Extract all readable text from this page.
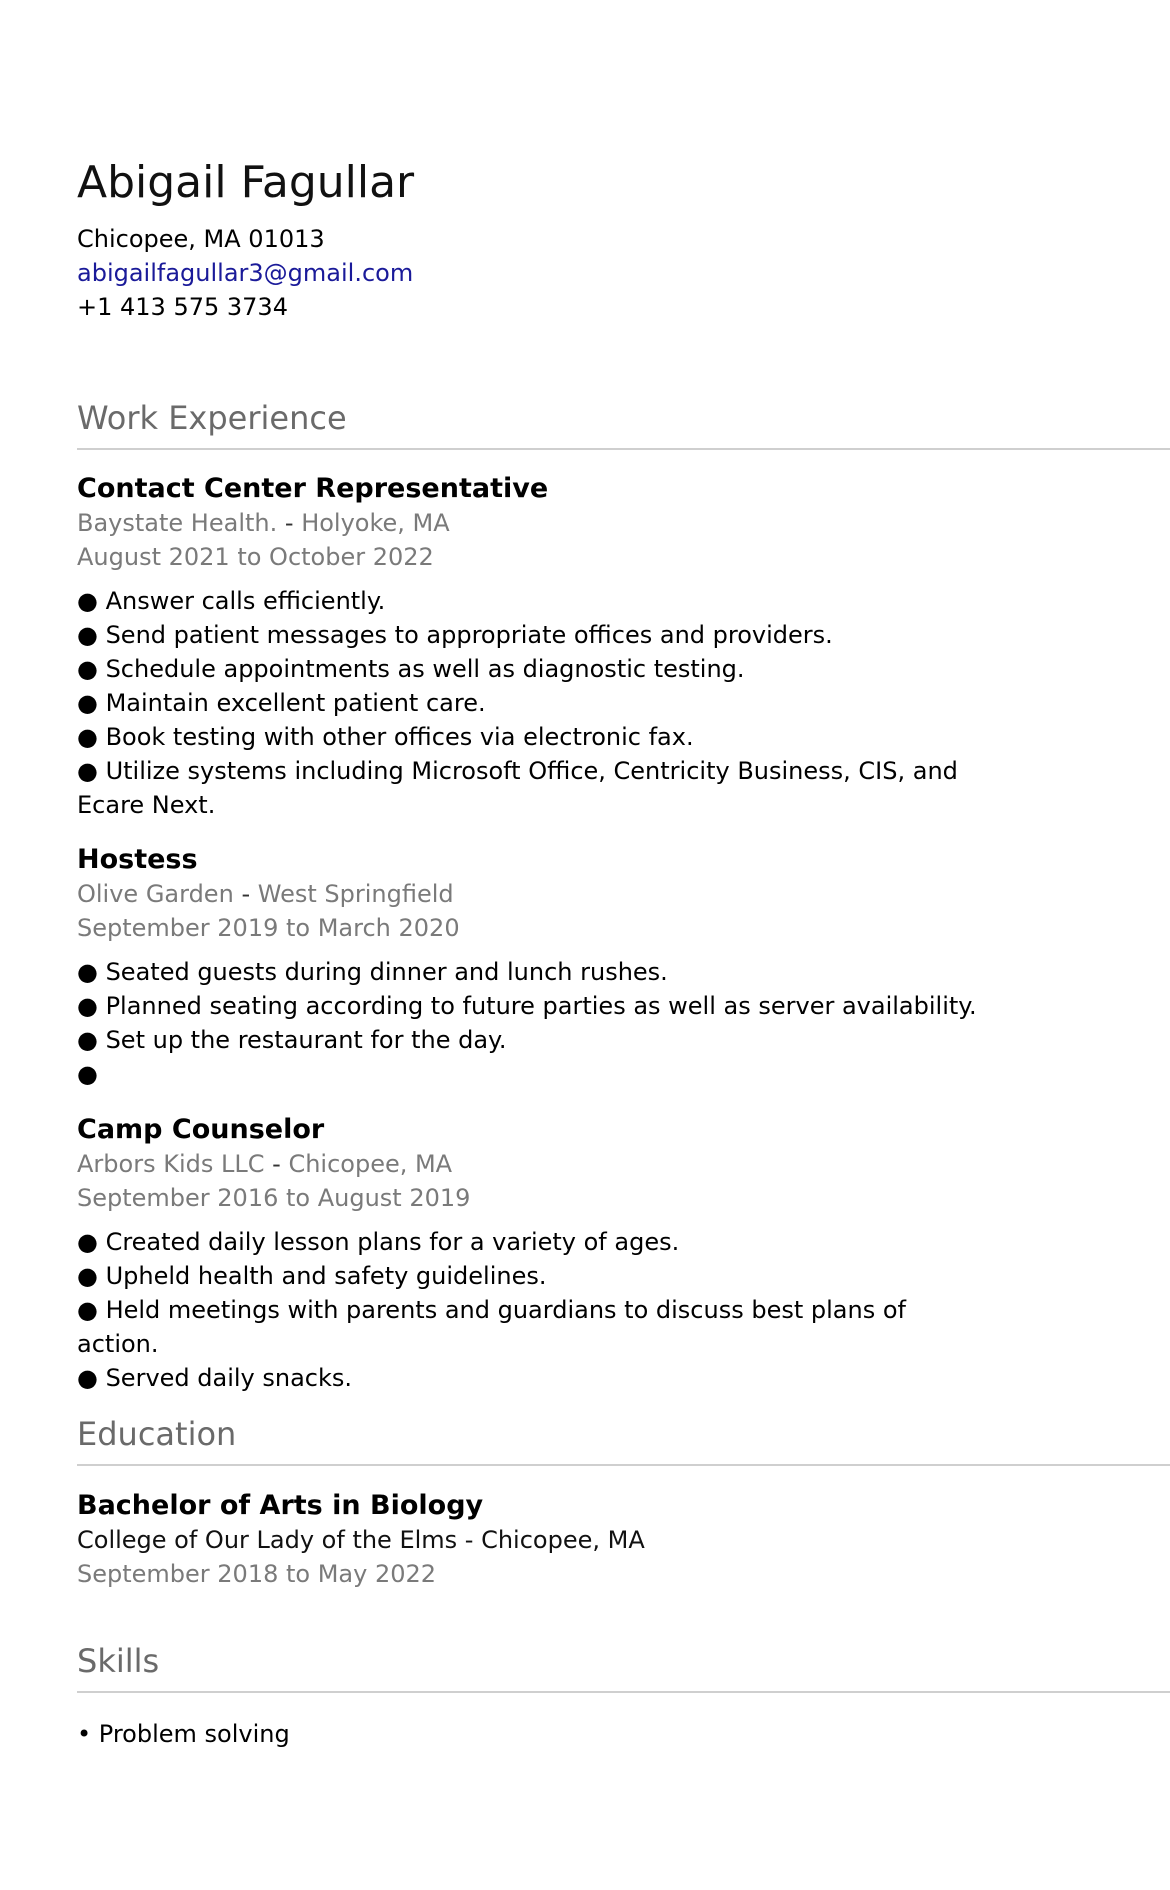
Abigail Fagullar
Chicopee, MA 01013
abigailfagullar3@gmail.com
+1 413 575 3734
Work Experience
Contact Center Representative
Baystate Health. - Holyoke, MA
August 2021 to October 2022
● Answer calls efficiently.
● Send patient messages to appropriate offices and providers.
● Schedule appointments as well as diagnostic testing.
● Maintain excellent patient care.
● Book testing with other offices via electronic fax.
● Utilize systems including Microsoft Office, Centricity Business, CIS, and Ecare Next.
Hostess
Olive Garden - West Springfield
September 2019 to March 2020
● Seated guests during dinner and lunch rushes.
● Planned seating according to future parties as well as server availability.
● Set up the restaurant for the day.
●
Camp Counselor
Arbors Kids LLC - Chicopee, MA
September 2016 to August 2019
● Created daily lesson plans for a variety of ages.
● Upheld health and safety guidelines.
● Held meetings with parents and guardians to discuss best plans of action.
● Served daily snacks.
Education
Bachelor of Arts in Biology
College of Our Lady of the Elms - Chicopee, MA
September 2018 to May 2022
Skills
• Problem solving
